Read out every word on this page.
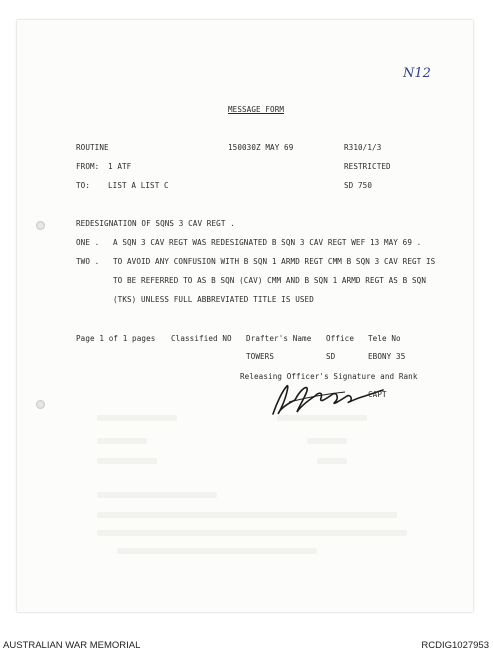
N12
MESSAGE FORM
ROUTINE	150030Z MAY 69	R310/1/3
FROM: 1 ATF	RESTRICTED
TO: LIST A LIST C	SD 750
REDESIGNATION OF SQNS 3 CAV REGT .
ONE . A SQN 3 CAV REGT WAS REDESIGNATED B SQN 3 CAV REGT WEF 13 MAY 69 .
TWO . TO AVOID ANY CONFUSION WITH B SQN 1 ARMD REGT CMM B SQN 3 CAV REGT IS
TO BE REFERRED TO AS B SQN (CAV) CMM AND B SQN 1 ARMD REGT AS B SQN
(TKS) UNLESS FULL ABBREVIATED TITLE IS USED
Page 1 of 1 pages Classified NO Drafter's Name Office Tele No
TOWERS	SD	EBONY 35
Releasing Officer's Signature and Rank
CAPT
AUSTRALIAN WAR MEMORIAL	RCDIG1027953
